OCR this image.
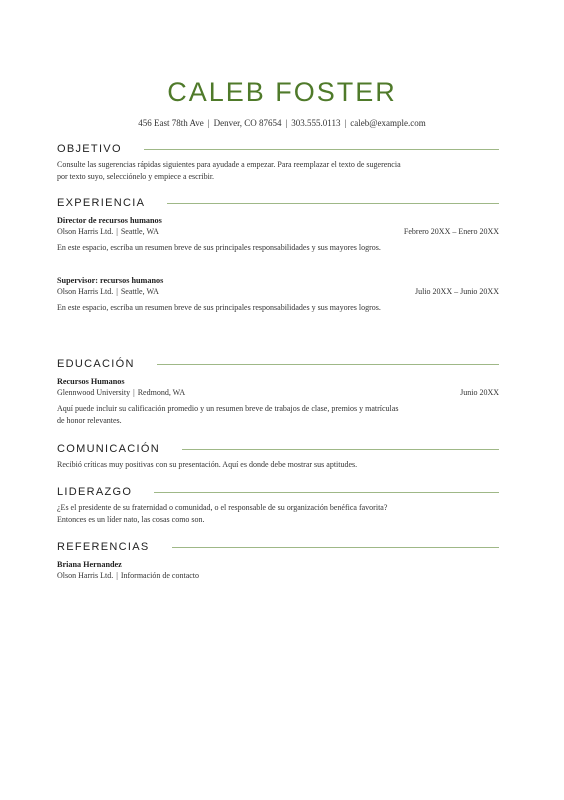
CALEB FOSTER
456 East 78th Ave | Denver, CO 87654 | 303.555.0113 | caleb@example.com
OBJETIVO
Consulte las sugerencias rápidas siguientes para ayudade a empezar. Para reemplazar el texto de sugerencia por texto suyo, selecciónelo y empiece a escribir.
EXPERIENCIA
Director de recursos humanos
Olson Harris Ltd. | Seattle, WA	Febrero 20XX – Enero 20XX
En este espacio, escriba un resumen breve de sus principales responsabilidades y sus mayores logros.
Supervisor: recursos humanos
Olson Harris Ltd. | Seattle, WA	Julio 20XX – Junio 20XX
En este espacio, escriba un resumen breve de sus principales responsabilidades y sus mayores logros.
EDUCACIÓN
Recursos Humanos
Glennwood University | Redmond, WA	Junio 20XX
Aquí puede incluir su calificación promedio y un resumen breve de trabajos de clase, premios y matrículas de honor relevantes.
COMUNICACIÓN
Recibió críticas muy positivas con su presentación. Aquí es donde debe mostrar sus aptitudes.
LIDERAZGO
¿Es el presidente de su fraternidad o comunidad, o el responsable de su organización benéfica favorita? Entonces es un líder nato, las cosas como son.
REFERENCIAS
Briana Hernandez
Olson Harris Ltd. | Información de contacto
